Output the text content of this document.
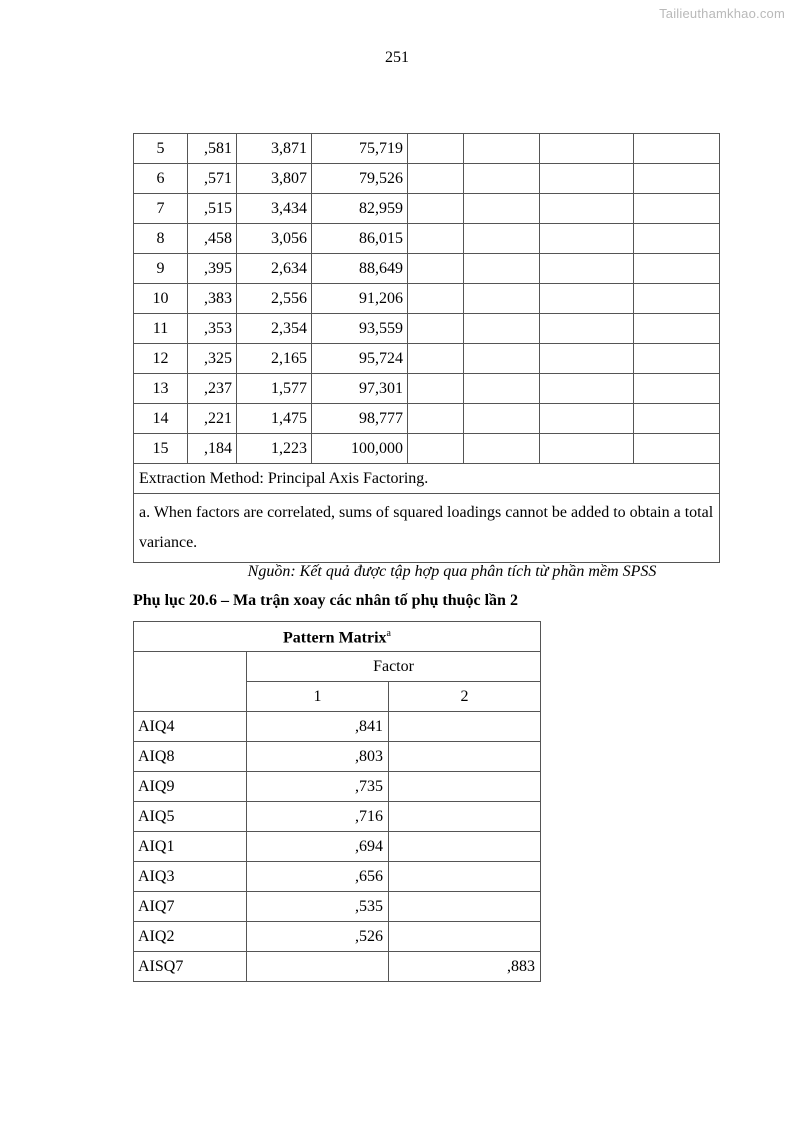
Tailieuthamkhao.com
251
5	,581	3,871	75,719				
6	,571	3,807	79,526				
7	,515	3,434	82,959				
8	,458	3,056	86,015				
9	,395	2,634	88,649				
10	,383	2,556	91,206				
11	,353	2,354	93,559				
12	,325	2,165	95,724				
13	,237	1,577	97,301				
14	,221	1,475	98,777				
15	,184	1,223	100,000				
Extraction Method: Principal Axis Factoring.							
a. When factors are correlated, sums of squared loadings cannot be added to obtain a total variance.							
Nguồn: Kết quả được tập hợp qua phân tích từ phần mềm SPSS
Phụ lục 20.6 – Ma trận xoay các nhân tố phụ thuộc lần 2
Pattern Matrix$^a$
	Factor	
	1	2
AIQ4	,841	
AIQ8	,803	
AIQ9	,735	
AIQ5	,716	
AIQ1	,694	
AIQ3	,656	
AIQ7	,535	
AIQ2	,526	
AISQ7		,883
